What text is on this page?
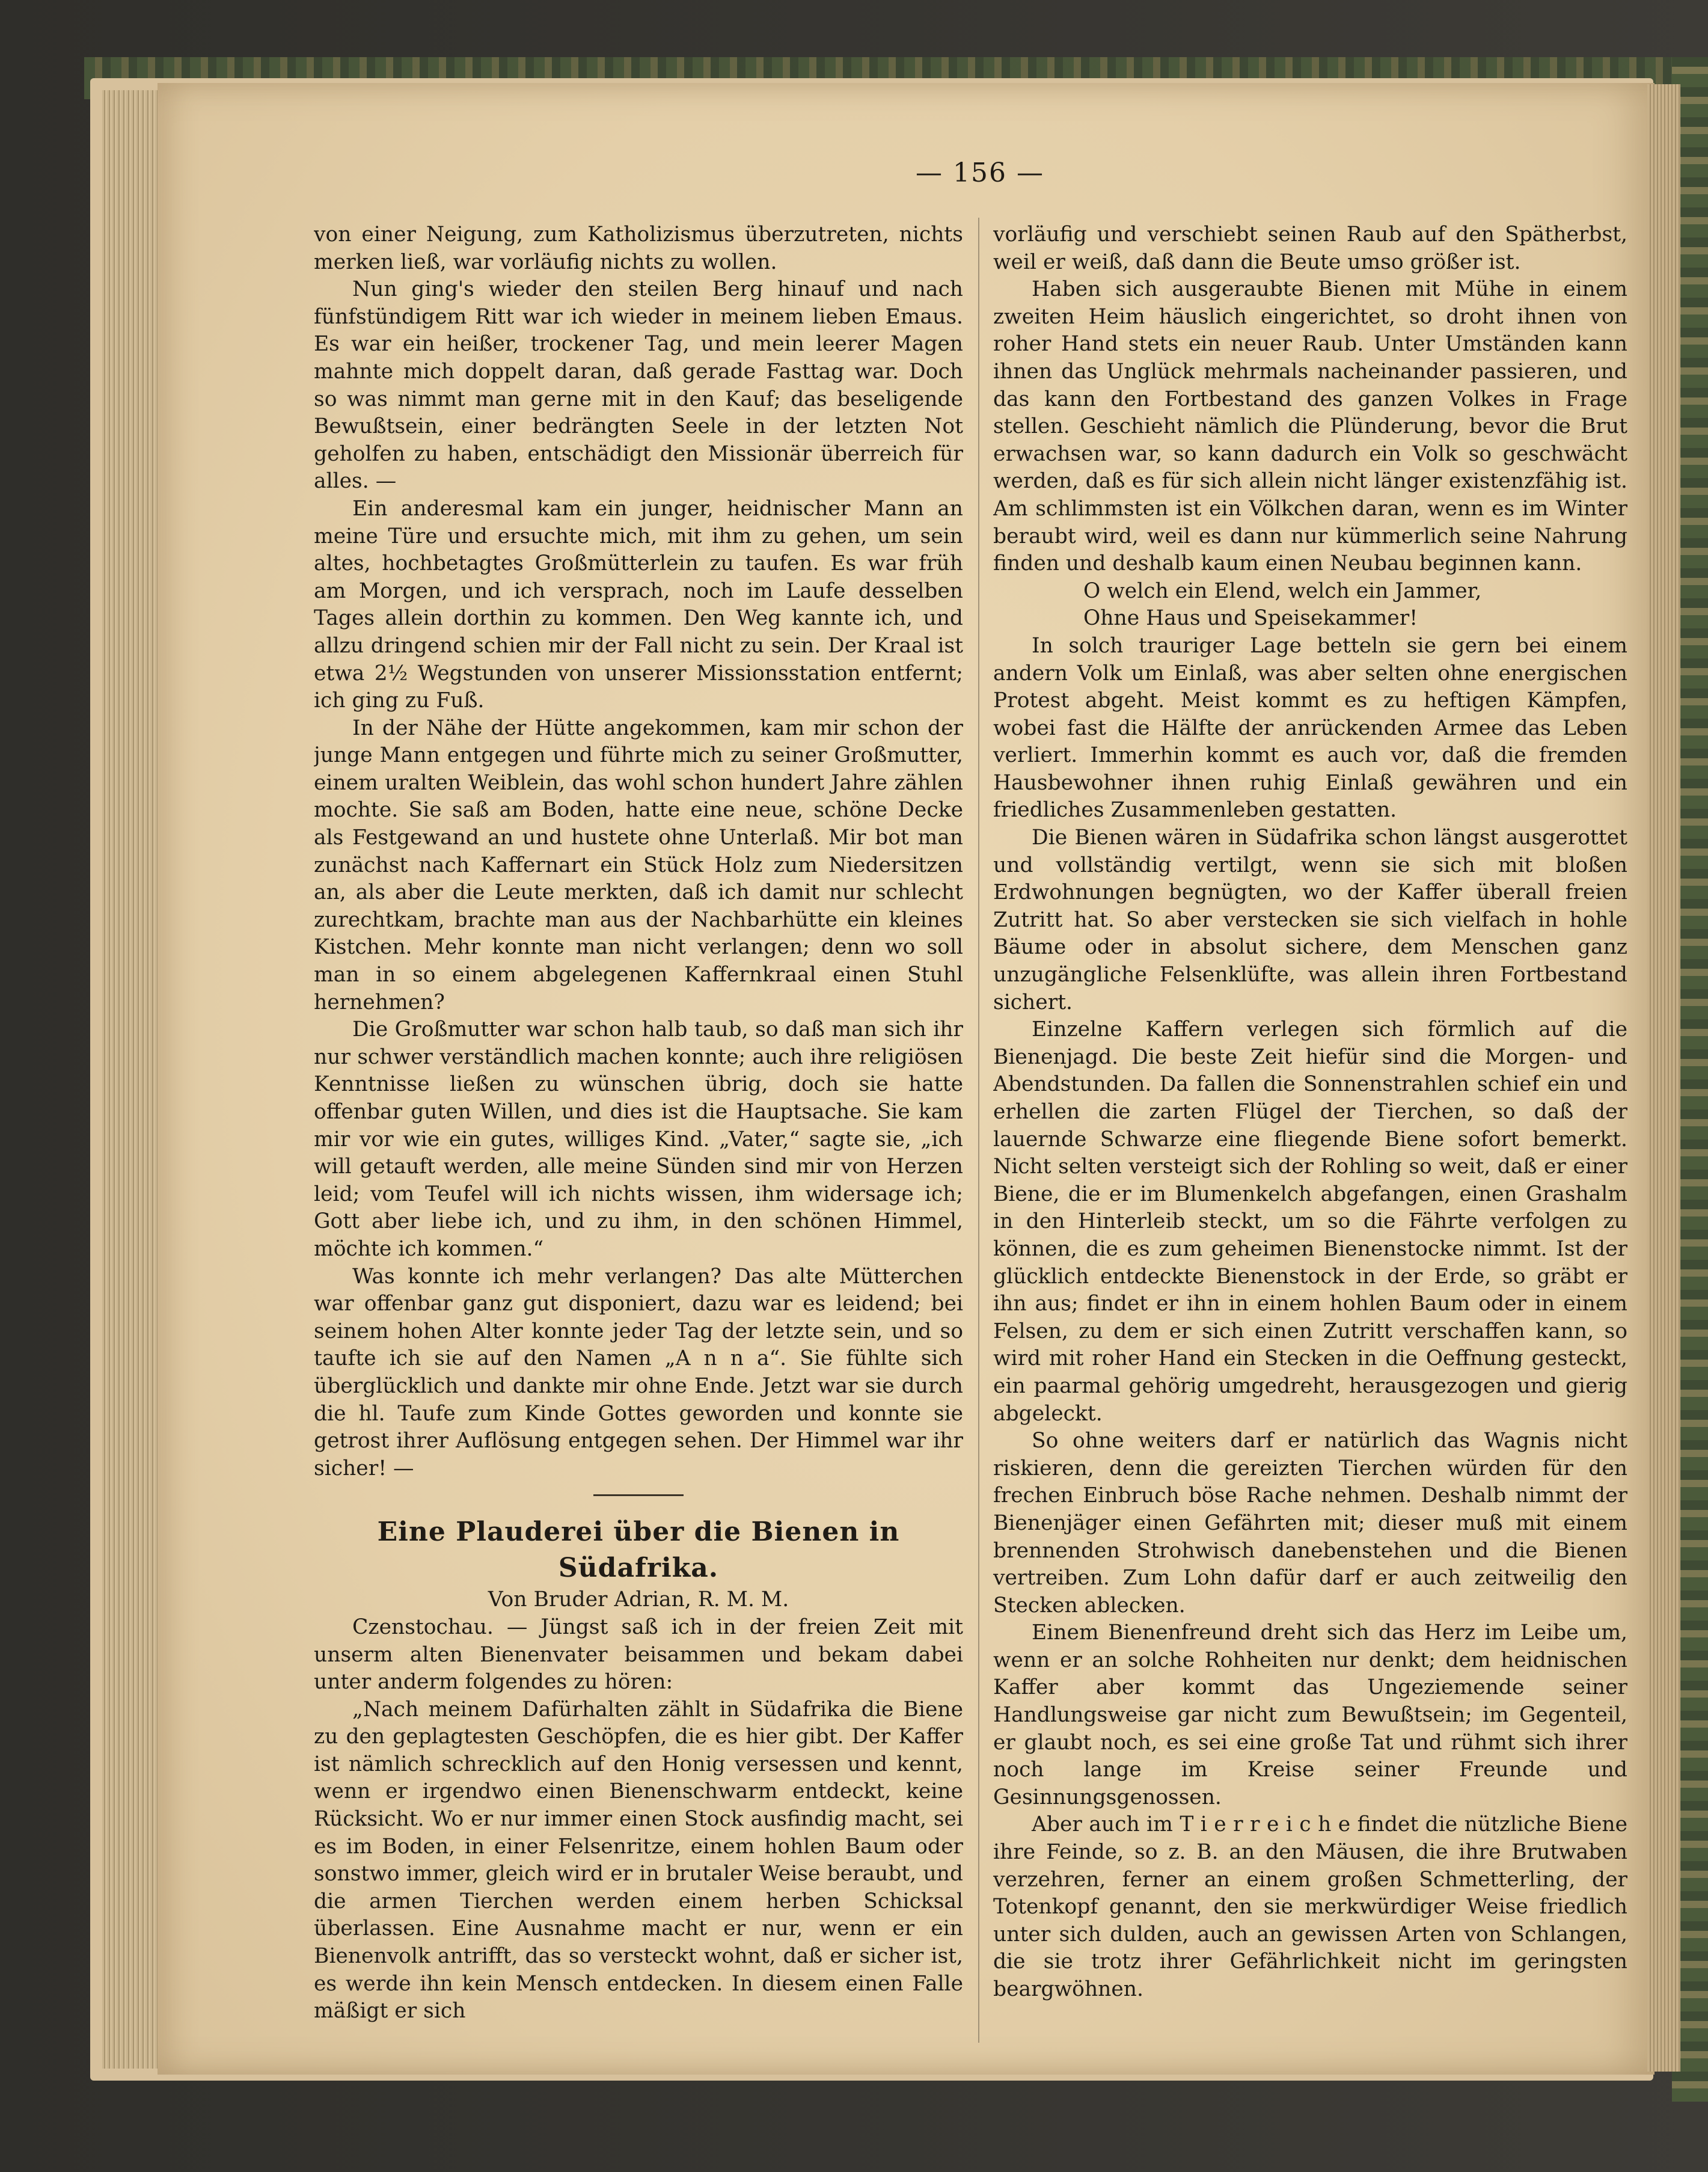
— 156 —

von einer Neigung, zum Katholizismus überzutreten, nichts merken ließ, war vorläufig nichts zu wollen.

Nun ging's wieder den steilen Berg hinauf und nach fünfstündigem Ritt war ich wieder in meinem lieben Emaus. Es war ein heißer, trockener Tag, und mein leerer Magen mahnte mich doppelt daran, daß gerade Fasttag war. Doch so was nimmt man gerne mit in den Kauf; das beseligende Bewußtsein, einer bedrängten Seele in der letzten Not geholfen zu haben, entschädigt den Missionär überreich für alles. —

Ein anderesmal kam ein junger, heidnischer Mann an meine Türe und ersuchte mich, mit ihm zu gehen, um sein altes, hochbetagtes Großmütterlein zu taufen. Es war früh am Morgen, und ich versprach, noch im Laufe desselben Tages allein dorthin zu kommen. Den Weg kannte ich, und allzu dringend schien mir der Fall nicht zu sein. Der Kraal ist etwa 2½ Wegstunden von unserer Missionsstation entfernt; ich ging zu Fuß.

In der Nähe der Hütte angekommen, kam mir schon der junge Mann entgegen und führte mich zu seiner Großmutter, einem uralten Weiblein, das wohl schon hundert Jahre zählen mochte. Sie saß am Boden, hatte eine neue, schöne Decke als Festgewand an und hustete ohne Unterlaß. Mir bot man zunächst nach Kaffernart ein Stück Holz zum Niedersitzen an, als aber die Leute merkten, daß ich damit nur schlecht zurechtkam, brachte man aus der Nachbarhütte ein kleines Kistchen. Mehr konnte man nicht verlangen; denn wo soll man in so einem abgelegenen Kaffernkraal einen Stuhl hernehmen?

Die Großmutter war schon halb taub, so daß man sich ihr nur schwer verständlich machen konnte; auch ihre religiösen Kenntnisse ließen zu wünschen übrig, doch sie hatte offenbar guten Willen, und dies ist die Hauptsache. Sie kam mir vor wie ein gutes, williges Kind. „Vater,“ sagte sie, „ich will getauft werden, alle meine Sünden sind mir von Herzen leid; vom Teufel will ich nichts wissen, ihm widersage ich; Gott aber liebe ich, und zu ihm, in den schönen Himmel, möchte ich kommen.“

Was konnte ich mehr verlangen? Das alte Mütterchen war offenbar ganz gut disponiert, dazu war es leidend; bei seinem hohen Alter konnte jeder Tag der letzte sein, und so taufte ich sie auf den Namen „A n n a“. Sie fühlte sich überglücklich und dankte mir ohne Ende. Jetzt war sie durch die hl. Taufe zum Kinde Gottes geworden und konnte sie getrost ihrer Auflösung entgegen sehen. Der Himmel war ihr sicher! —

Eine Plauderei über die Bienen in Südafrika.

Von Bruder Adrian, R. M. M.

Czenstochau. — Jüngst saß ich in der freien Zeit mit unserm alten Bienenvater beisammen und bekam dabei unter anderm folgendes zu hören:

„Nach meinem Dafürhalten zählt in Südafrika die Biene zu den geplagtesten Geschöpfen, die es hier gibt. Der Kaffer ist nämlich schrecklich auf den Honig versessen und kennt, wenn er irgendwo einen Bienenschwarm entdeckt, keine Rücksicht. Wo er nur immer einen Stock ausfindig macht, sei es im Boden, in einer Felsenritze, einem hohlen Baum oder sonstwo immer, gleich wird er in brutaler Weise beraubt, und die armen Tierchen werden einem herben Schicksal überlassen. Eine Ausnahme macht er nur, wenn er ein Bienenvolk antrifft, das so versteckt wohnt, daß er sicher ist, es werde ihn kein Mensch entdecken. In diesem einen Falle mäßigt er sich

vorläufig und verschiebt seinen Raub auf den Spätherbst, weil er weiß, daß dann die Beute umso größer ist.

Haben sich ausgeraubte Bienen mit Mühe in einem zweiten Heim häuslich eingerichtet, so droht ihnen von roher Hand stets ein neuer Raub. Unter Umständen kann ihnen das Unglück mehrmals nacheinander passieren, und das kann den Fortbestand des ganzen Volkes in Frage stellen. Geschieht nämlich die Plünderung, bevor die Brut erwachsen war, so kann dadurch ein Volk so geschwächt werden, daß es für sich allein nicht länger existenzfähig ist. Am schlimmsten ist ein Völkchen daran, wenn es im Winter beraubt wird, weil es dann nur kümmerlich seine Nahrung finden und deshalb kaum einen Neubau beginnen kann.

O welch ein Elend, welch ein Jammer,

Ohne Haus und Speisekammer!

In solch trauriger Lage betteln sie gern bei einem andern Volk um Einlaß, was aber selten ohne energischen Protest abgeht. Meist kommt es zu heftigen Kämpfen, wobei fast die Hälfte der anrückenden Armee das Leben verliert. Immerhin kommt es auch vor, daß die fremden Hausbewohner ihnen ruhig Einlaß gewähren und ein friedliches Zusammenleben gestatten.

Die Bienen wären in Südafrika schon längst ausgerottet und vollständig vertilgt, wenn sie sich mit bloßen Erdwohnungen begnügten, wo der Kaffer überall freien Zutritt hat. So aber verstecken sie sich vielfach in hohle Bäume oder in absolut sichere, dem Menschen ganz unzugängliche Felsenklüfte, was allein ihren Fortbestand sichert.

Einzelne Kaffern verlegen sich förmlich auf die Bienenjagd. Die beste Zeit hiefür sind die Morgen- und Abendstunden. Da fallen die Sonnenstrahlen schief ein und erhellen die zarten Flügel der Tierchen, so daß der lauernde Schwarze eine fliegende Biene sofort bemerkt. Nicht selten versteigt sich der Rohling so weit, daß er einer Biene, die er im Blumenkelch abgefangen, einen Grashalm in den Hinterleib steckt, um so die Fährte verfolgen zu können, die es zum geheimen Bienenstocke nimmt. Ist der glücklich entdeckte Bienenstock in der Erde, so gräbt er ihn aus; findet er ihn in einem hohlen Baum oder in einem Felsen, zu dem er sich einen Zutritt verschaffen kann, so wird mit roher Hand ein Stecken in die Oeffnung gesteckt, ein paarmal gehörig umgedreht, herausgezogen und gierig abgeleckt.

So ohne weiters darf er natürlich das Wagnis nicht riskieren, denn die gereizten Tierchen würden für den frechen Einbruch böse Rache nehmen. Deshalb nimmt der Bienenjäger einen Gefährten mit; dieser muß mit einem brennenden Strohwisch danebenstehen und die Bienen vertreiben. Zum Lohn dafür darf er auch zeitweilig den Stecken ablecken.

Einem Bienenfreund dreht sich das Herz im Leibe um, wenn er an solche Rohheiten nur denkt; dem heidnischen Kaffer aber kommt das Ungeziemende seiner Handlungsweise gar nicht zum Bewußtsein; im Gegenteil, er glaubt noch, es sei eine große Tat und rühmt sich ihrer noch lange im Kreise seiner Freunde und Gesinnungsgenossen.

Aber auch im T i e r r e i c h e findet die nützliche Biene ihre Feinde, so z. B. an den Mäusen, die ihre Brutwaben verzehren, ferner an einem großen Schmetterling, der Totenkopf genannt, den sie merkwürdiger Weise friedlich unter sich dulden, auch an gewissen Arten von Schlangen, die sie trotz ihrer Gefährlichkeit nicht im geringsten beargwöhnen.
